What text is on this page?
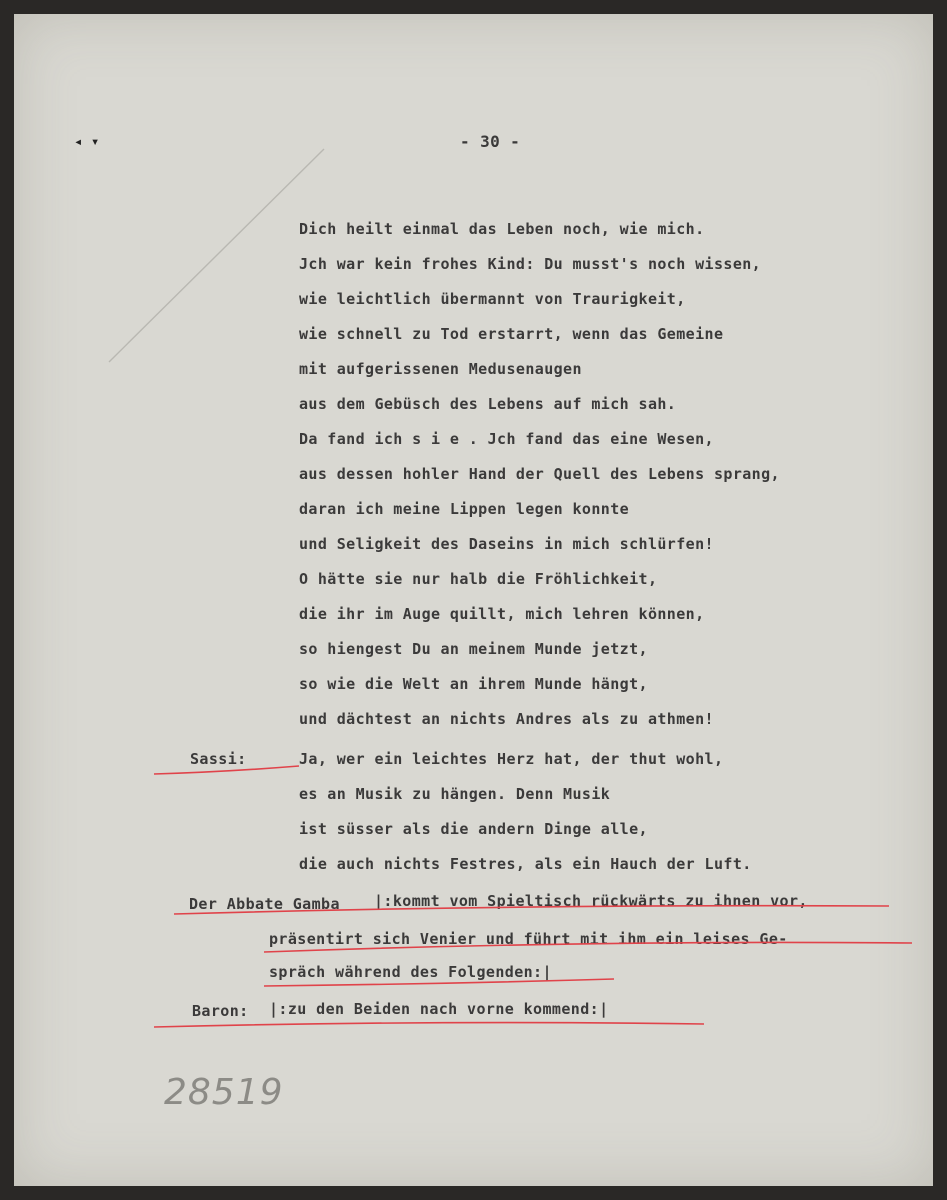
◂ ▾	- 30 -
Dich heilt einmal das Leben noch, wie mich.
Jch war kein frohes Kind: Du musst's noch wissen,
wie leichtlich übermannt von Traurigkeit,
wie schnell zu Tod erstarrt, wenn das Gemeine
mit aufgerissenen Medusenaugen
aus dem Gebüsch des Lebens auf mich sah.
Da fand ich s i e . Jch fand das eine Wesen,
aus dessen hohler Hand der Quell des Lebens sprang,
daran ich meine Lippen legen konnte
und Seligkeit des Daseins in mich schlürfen!
O hätte sie nur halb die Fröhlichkeit,
die ihr im Auge quillt, mich lehren können,
so hiengest Du an meinem Munde jetzt,
so wie die Welt an ihrem Munde hängt,
und dächtest an nichts Andres als zu athmen!
Sassi:	Ja, wer ein leichtes Herz hat, der thut wohl,
es an Musik zu hängen. Denn Musik
ist süsser als die andern Dinge alle,
die auch nichts Festres, als ein Hauch der Luft.
Der Abbate Gamba |:kommt vom Spieltisch rückwärts zu ihnen vor,
präsentirt sich Venier und führt mit ihm ein leises Ge-
spräch während des Folgenden:|
Baron: |:zu den Beiden nach vorne kommend:|
28519
